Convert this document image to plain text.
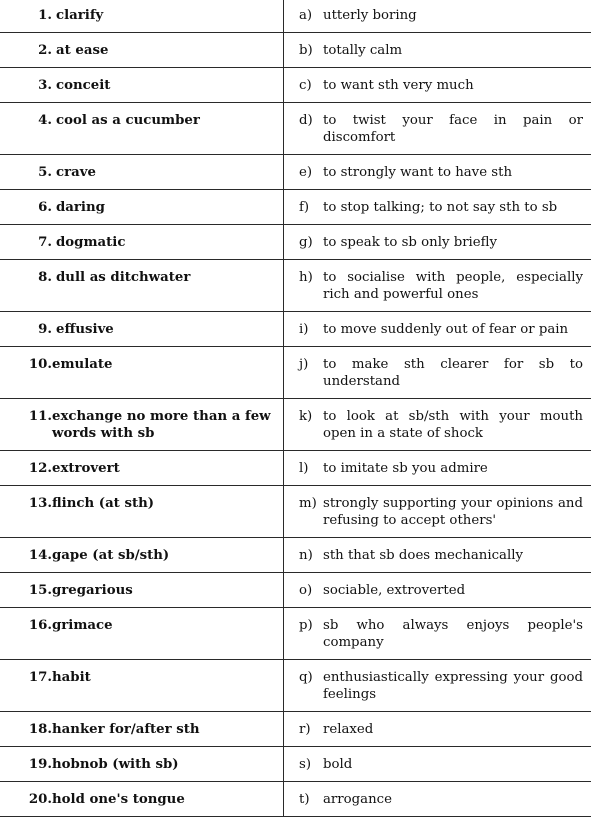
1. clarify	a) utterly boring

2. at ease	b) totally calm

3. conceit	c) to want sth very much

4. cool as a cucumber	d) to twist your face in pain or discomfort

5. crave	e) to strongly want to have sth

6. daring	f) to stop talking; to not say sth to sb

7. dogmatic	g) to speak to sb only briefly

8. dull as ditchwater	h) to socialise with people, especially rich and powerful ones

9. effusive	i) to move suddenly out of fear or pain

10. emulate	j) to make sth clearer for sb to understand

11. exchange no more than a few words with sb	k) to look at sb/sth with your mouth open in a state of shock

12. extrovert	l) to imitate sb you admire

13. flinch (at sth)	m) strongly supporting your opinions and refusing to accept others'

14. gape (at sb/sth)	n) sth that sb does mechanically

15. gregarious	o) sociable, extroverted

16. grimace	p) sb who always enjoys people's company

17. habit	q) enthusiastically expressing your good feelings

18. hanker for/after sth	r) relaxed

19. hobnob (with sb)	s) bold

20. hold one's tongue	t) arrogance
